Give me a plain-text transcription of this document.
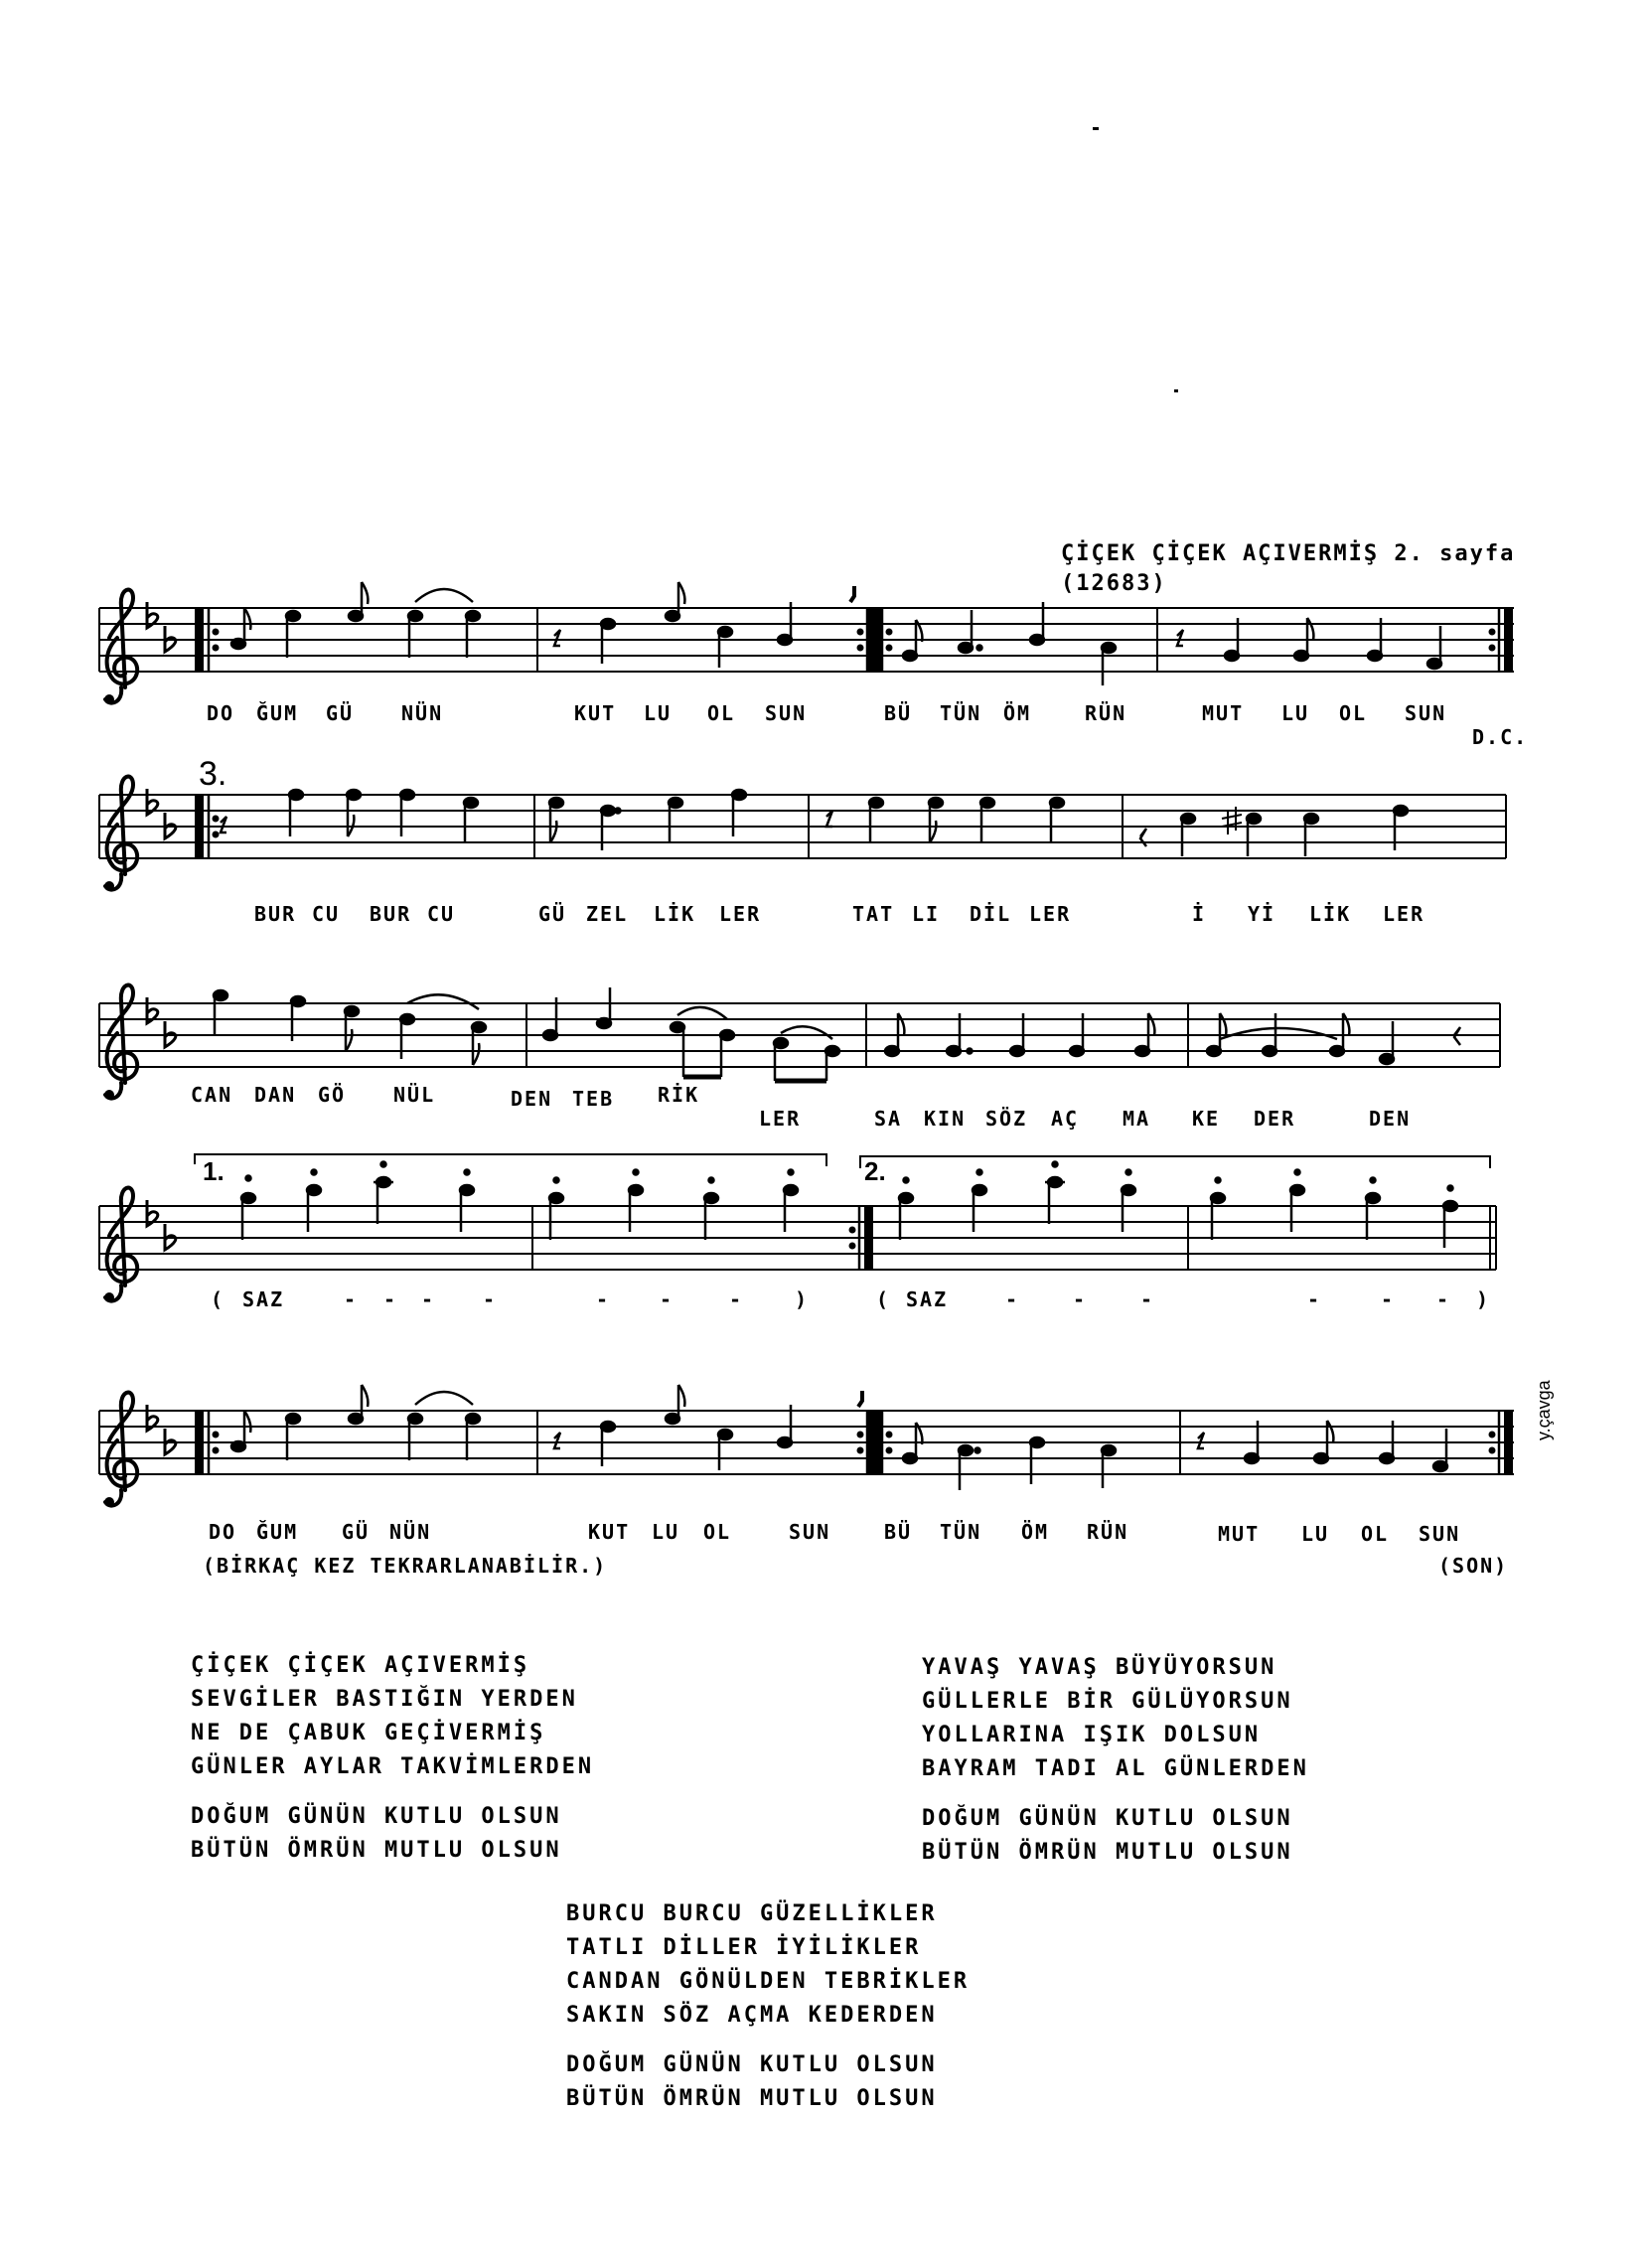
ÇİÇEK ÇİÇEK AÇIVERMİŞ 2. sayfa
(12683)
D.C.
3.
1.	2.
(BİRKAÇ KEZ TEKRARLANABİLİR.)	(SON)
y.çavga
DO ĞUM GÜ NÜN	KUT LU OL SUN	BÜ TÜN ÖM	RÜN	MUT LU OL SUN
BUR CU BUR CU	GÜ ZEL LİK LER	TAT LI DİL LER	İ Yİ LİK LER
CAN DAN GÖ NÜL	DEN TEB RİK
LER	SA KIN SÖZ AÇ MA KE DER	DEN
( SAZ	- - - -	- -	-	)	( SAZ	-	-	-	-	- - )
DO ĞUM GÜ NÜN	KUT LU OL	SUN	BÜ TÜN ÖM RÜN	MUT LU OL SUN
ÇİÇEK ÇİÇEK AÇIVERMİŞ
SEVGİLER BASTIĞIN YERDEN
NE DE ÇABUK GEÇİVERMİŞ
GÜNLER AYLAR TAKVİMLERDEN
DOĞUM GÜNÜN KUTLU OLSUN
BÜTÜN ÖMRÜN MUTLU OLSUN
YAVAŞ YAVAŞ BÜYÜYORSUN
GÜLLERLE BİR GÜLÜYORSUN
YOLLARINA IŞIK DOLSUN
BAYRAM TADI AL GÜNLERDEN
DOĞUM GÜNÜN KUTLU OLSUN
BÜTÜN ÖMRÜN MUTLU OLSUN
BURCU BURCU GÜZELLİKLER
TATLI DİLLER İYİLİKLER
CANDAN GÖNÜLDEN TEBRİKLER
SAKIN SÖZ AÇMA KEDERDEN
DOĞUM GÜNÜN KUTLU OLSUN
BÜTÜN ÖMRÜN MUTLU OLSUN
